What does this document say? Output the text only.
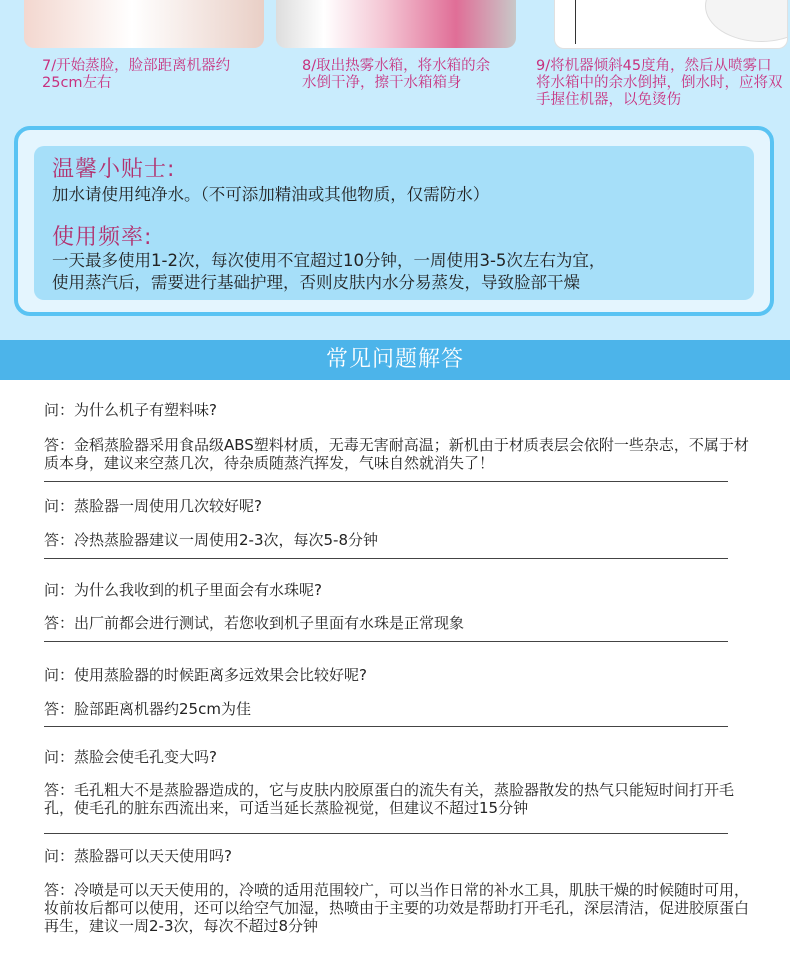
7/开始蒸脸，脸部距离机器约25cm左右
8/取出热雾水箱，将水箱的余水倒干净，擦干水箱箱身
9/将机器倾斜45度角，然后从喷雾口将水箱中的余水倒掉，倒水时，应将双手握住机器，以免烫伤
温馨小贴士:
加水请使用纯净水。（不可添加精油或其他物质，仅需防水）
使用频率:
一天最多使用1-2次，每次使用不宜超过10分钟，一周使用3-5次左右为宜，
使用蒸汽后，需要进行基础护理，否则皮肤内水分易蒸发，导致脸部干燥
常见问题解答
问：为什么机子有塑料味?
答：金稻蒸脸器采用食品级ABS塑料材质，无毒无害耐高温；新机由于材质表层会依附一些杂志，不属于材质本身，建议来空蒸几次，待杂质随蒸汽挥发，气味自然就消失了！
问：蒸脸器一周使用几次较好呢?
答：冷热蒸脸器建议一周使用2-3次，每次5-8分钟
问：为什么我收到的机子里面会有水珠呢?
答：出厂前都会进行测试，若您收到机子里面有水珠是正常现象
问：使用蒸脸器的时候距离多远效果会比较好呢?
答：脸部距离机器约25cm为佳
问：蒸脸会使毛孔变大吗?
答：毛孔粗大不是蒸脸器造成的，它与皮肤内胶原蛋白的流失有关，蒸脸器散发的热气只能短时间打开毛孔，使毛孔的脏东西流出来，可适当延长蒸脸视觉，但建议不超过15分钟
问：蒸脸器可以天天使用吗?
答：冷喷是可以天天使用的，冷喷的适用范围较广，可以当作日常的补水工具，肌肤干燥的时候随时可用，妆前妆后都可以使用，还可以给空气加湿，热喷由于主要的功效是帮助打开毛孔，深层清洁，促进胶原蛋白再生，建议一周2-3次，每次不超过8分钟
